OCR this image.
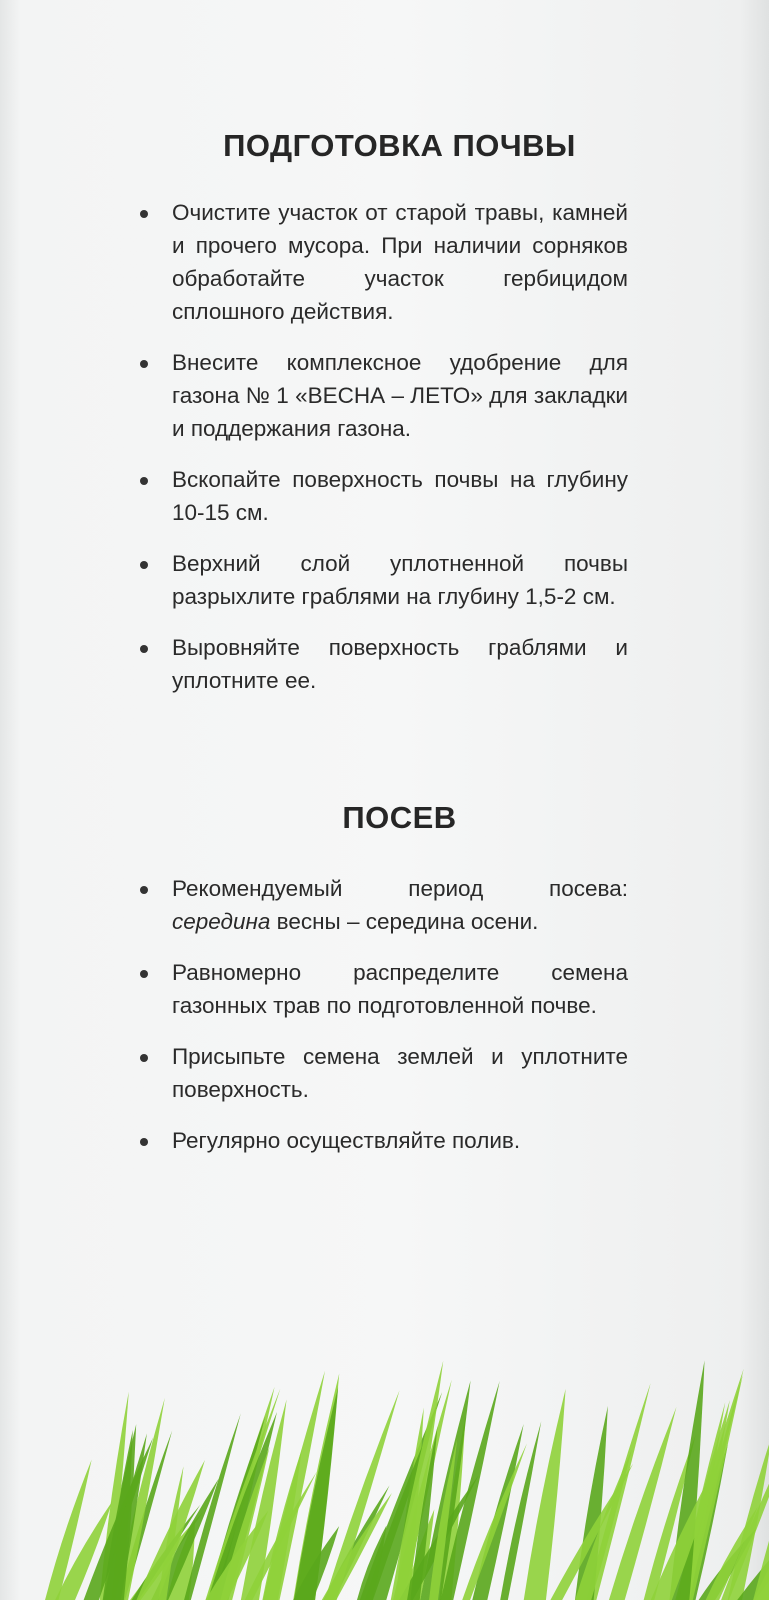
ПОДГОТОВКА ПОЧВЫ
Очистите участок от старой травы, камней и прочего мусора. При наличии сорняков обработайте участок гербицидом сплошного действия.
Внесите комплексное удобрение для газона № 1 «ВЕСНА – ЛЕТО» для закладки и поддержания газона.
Вскопайте поверхность почвы на глубину 10-15 см.
Верхний слой уплотненной почвы разрыхлите граблями на глубину 1,5-2 см.
Выровняйте поверхность граблями и уплотните ее.
ПОСЕВ
Рекомендуемый период посева:
середина весны – середина осени.
Равномерно распределите семена газонных трав по подготовленной почве.
Присыпьте семена землей и уплотните поверхность.
Регулярно осуществляйте полив.
